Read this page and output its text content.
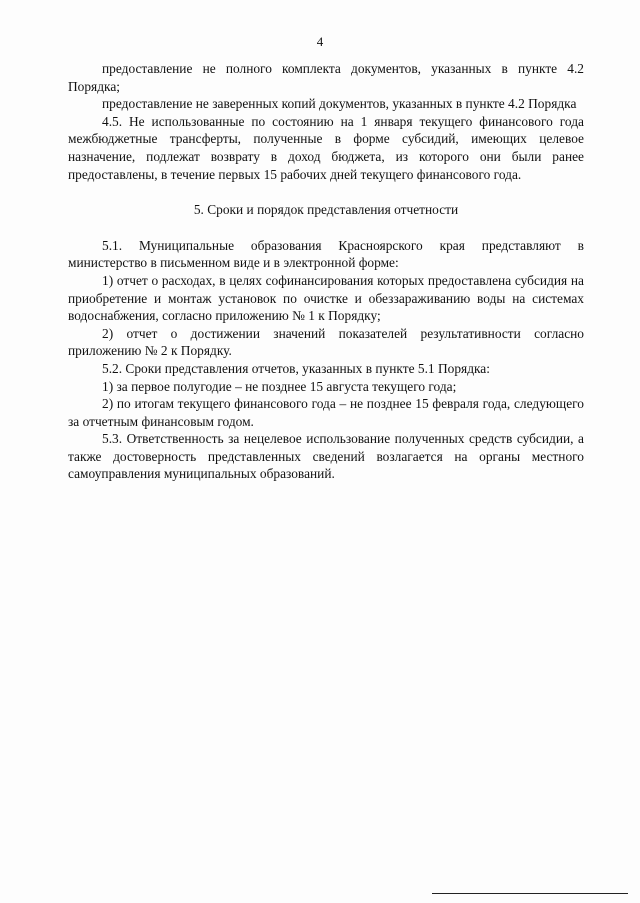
4

предоставление не полного комплекта документов, указанных в пункте 4.2 Порядка;

предоставление не заверенных копий документов, указанных в пункте 4.2 Порядка

4.5. Не использованные по состоянию на 1 января текущего финансового года межбюджетные трансферты, полученные в форме субсидий, имеющих целевое назначение, подлежат возврату в доход бюджета, из которого они были ранее предоставлены, в течение первых 15 рабочих дней текущего финансового года.

5. Сроки и порядок представления отчетности

5.1. Муниципальные образования Красноярского края представляют в министерство в письменном виде и в электронной форме:

1) отчет о расходах, в целях софинансирования которых предоставлена субсидия на приобретение и монтаж установок по очистке и обеззараживанию воды на системах водоснабжения, согласно приложению № 1 к Порядку;

2) отчет о достижении значений показателей результативности согласно приложению № 2 к Порядку.

5.2. Сроки представления отчетов, указанных в пункте 5.1 Порядка:

1) за первое полугодие – не позднее 15 августа текущего года;

2) по итогам текущего финансового года – не позднее 15 февраля года, следующего за отчетным финансовым годом.

5.3. Ответственность за нецелевое использование полученных средств субсидии, а также достоверность представленных сведений возлагается на органы местного самоуправления муниципальных образований.
